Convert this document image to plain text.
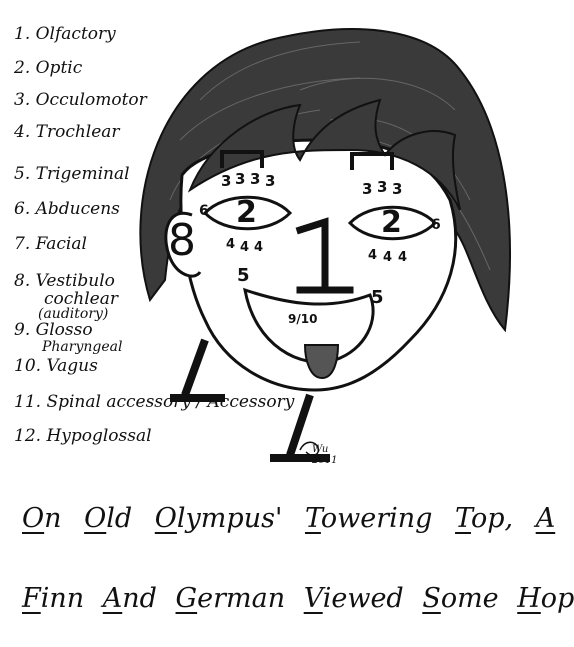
1. Olfactory
2. Optic
3. Occulomotor
4. Trochlear
5. Trigeminal
6. Abducens
7. Facial
8. Vestibulo
cochlear
(auditory)
9. Glosso
Pharyngeal
10. Vagus
11. Spinal accessory / Accessory
12. Hypoglossal
2	2
3 3 3 3	3 3 3
4 4 4
4 4 4
5
5
6
6
8
9/10
Wu
2011
On Old Olympus' Towering Top, A
Finn And German Viewed Some Hop
